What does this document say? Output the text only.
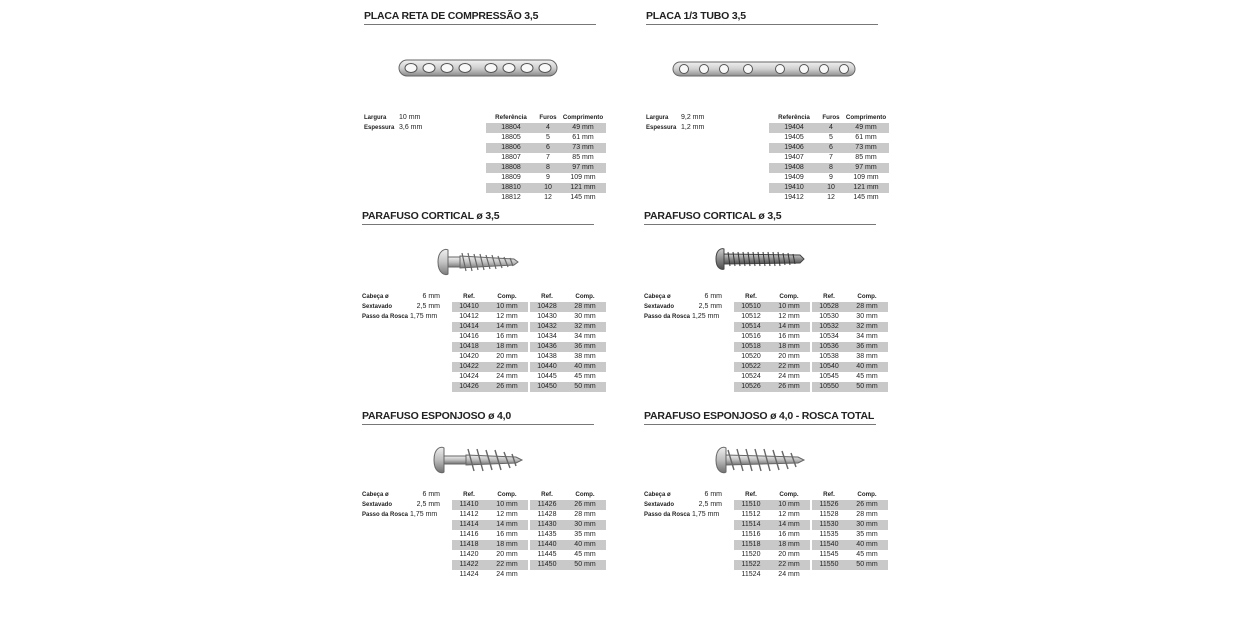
PLACA RETA DE COMPRESSÃO 3,5
Largura	10 mm
Espessura 3,6 mm
Referência	Furos	Comprimento
18804	4	49 mm
18805	5	61 mm
18806	6	73 mm
18807	7	85 mm
18808	8	97 mm
18809	9	109 mm
18810	10	121 mm
18812	12	145 mm
PLACA 1/3 TUBO 3,5
Largura	9,2 mm
Espessura 1,2 mm
Referência	Furos	Comprimento
19404	4	49 mm
19405	5	61 mm
19406	6	73 mm
19407	7	85 mm
19408	8	97 mm
19409	9	109 mm
19410	10	121 mm
19412	12	145 mm
PARAFUSO CORTICAL ø 3,5
Cabeça ø	6 mm
Sextavado	2,5 mm
Passo da Rosca 1,75 mm
Ref.	Comp.
10410	10 mm
10412	12 mm
10414	14 mm
10416	16 mm
10418	18 mm
10420	20 mm
10422	22 mm
10424	24 mm
10426	26 mm
Ref.	Comp.
10428	28 mm
10430	30 mm
10432	32 mm
10434	34 mm
10436	36 mm
10438	38 mm
10440	40 mm
10445	45 mm
10450	50 mm
PARAFUSO CORTICAL ø 3,5
Cabeça ø	6 mm
Sextavado	2,5 mm
Passo da Rosca 1,25 mm
Ref.	Comp.
10510	10 mm
10512	12 mm
10514	14 mm
10516	16 mm
10518	18 mm
10520	20 mm
10522	22 mm
10524	24 mm
10526	26 mm
Ref.	Comp.
10528	28 mm
10530	30 mm
10532	32 mm
10534	34 mm
10536	36 mm
10538	38 mm
10540	40 mm
10545	45 mm
10550	50 mm
PARAFUSO ESPONJOSO ø 4,0
Cabeça ø	6 mm
Sextavado	2,5 mm
Passo da Rosca 1,75 mm
Ref.	Comp.
11410	10 mm
11412	12 mm
11414	14 mm
11416	16 mm
11418	18 mm
11420	20 mm
11422	22 mm
11424	24 mm
Ref.	Comp.
11426	26 mm
11428	28 mm
11430	30 mm
11435	35 mm
11440	40 mm
11445	45 mm
11450	50 mm
PARAFUSO ESPONJOSO ø 4,0 - ROSCA TOTAL
Cabeça ø	6 mm
Sextavado	2,5 mm
Passo da Rosca 1,75 mm
Ref.	Comp.
11510	10 mm
11512	12 mm
11514	14 mm
11516	16 mm
11518	18 mm
11520	20 mm
11522	22 mm
11524	24 mm
Ref.	Comp.
11526	26 mm
11528	28 mm
11530	30 mm
11535	35 mm
11540	40 mm
11545	45 mm
11550	50 mm
